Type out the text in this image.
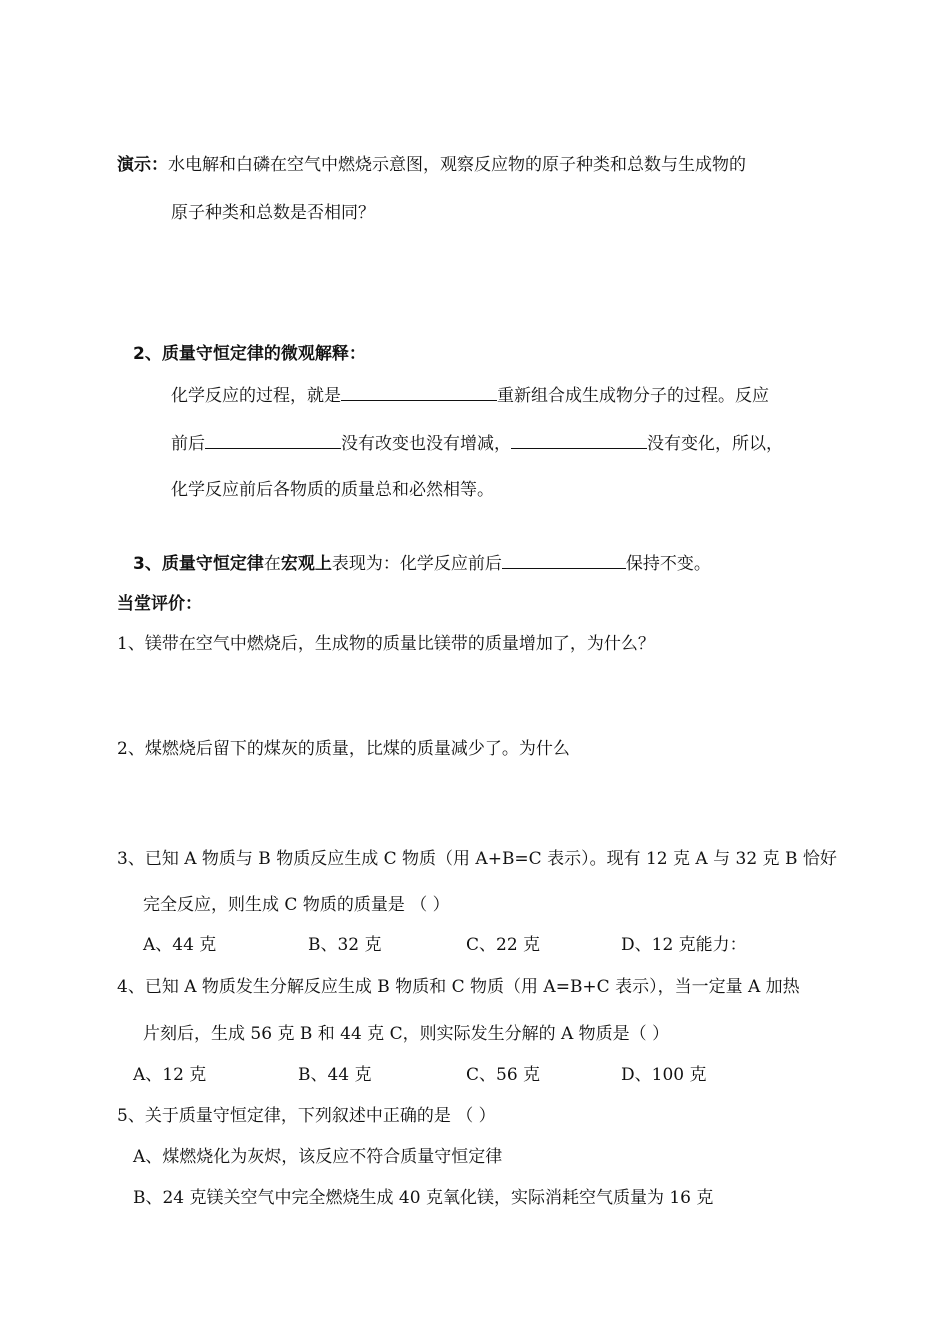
演示：水电解和白磷在空气中燃烧示意图，观察反应物的原子种类和总数与生成物的
原子种类和总数是否相同？
2、质量守恒定律的微观解释：
化学反应的过程，就是	重新组合成生成物分子的过程。反应
前后	没有改变也没有增减，	没有变化，所以，
化学反应前后各物质的质量总和必然相等。
3、质量守恒定律在宏观上表现为：化学反应前后	保持不变。
当堂评价：
1、镁带在空气中燃烧后，生成物的质量比镁带的质量增加了，为什么？
2、煤燃烧后留下的煤灰的质量，比煤的质量减少了。为什么
3、已知 A 物质与 B 物质反应生成 C 物质（用 A+B=C 表示）。现有 12 克 A 与 32 克 B 恰好
完全反应，则生成 C 物质的质量是 （ ）
A、44 克	B、32 克	C、22 克	D、12 克能力：
4、已知 A 物质发生分解反应生成 B 物质和 C 物质（用 A=B+C 表示），当一定量 A 加热
片刻后，生成 56 克 B 和 44 克 C，则实际发生分解的 A 物质是（ ）
A、12 克	B、44 克	C、56 克	D、100 克
5、关于质量守恒定律，下列叙述中正确的是 （ ）
A、煤燃烧化为灰烬，该反应不符合质量守恒定律
B、24 克镁关空气中完全燃烧生成 40 克氧化镁，实际消耗空气质量为 16 克
